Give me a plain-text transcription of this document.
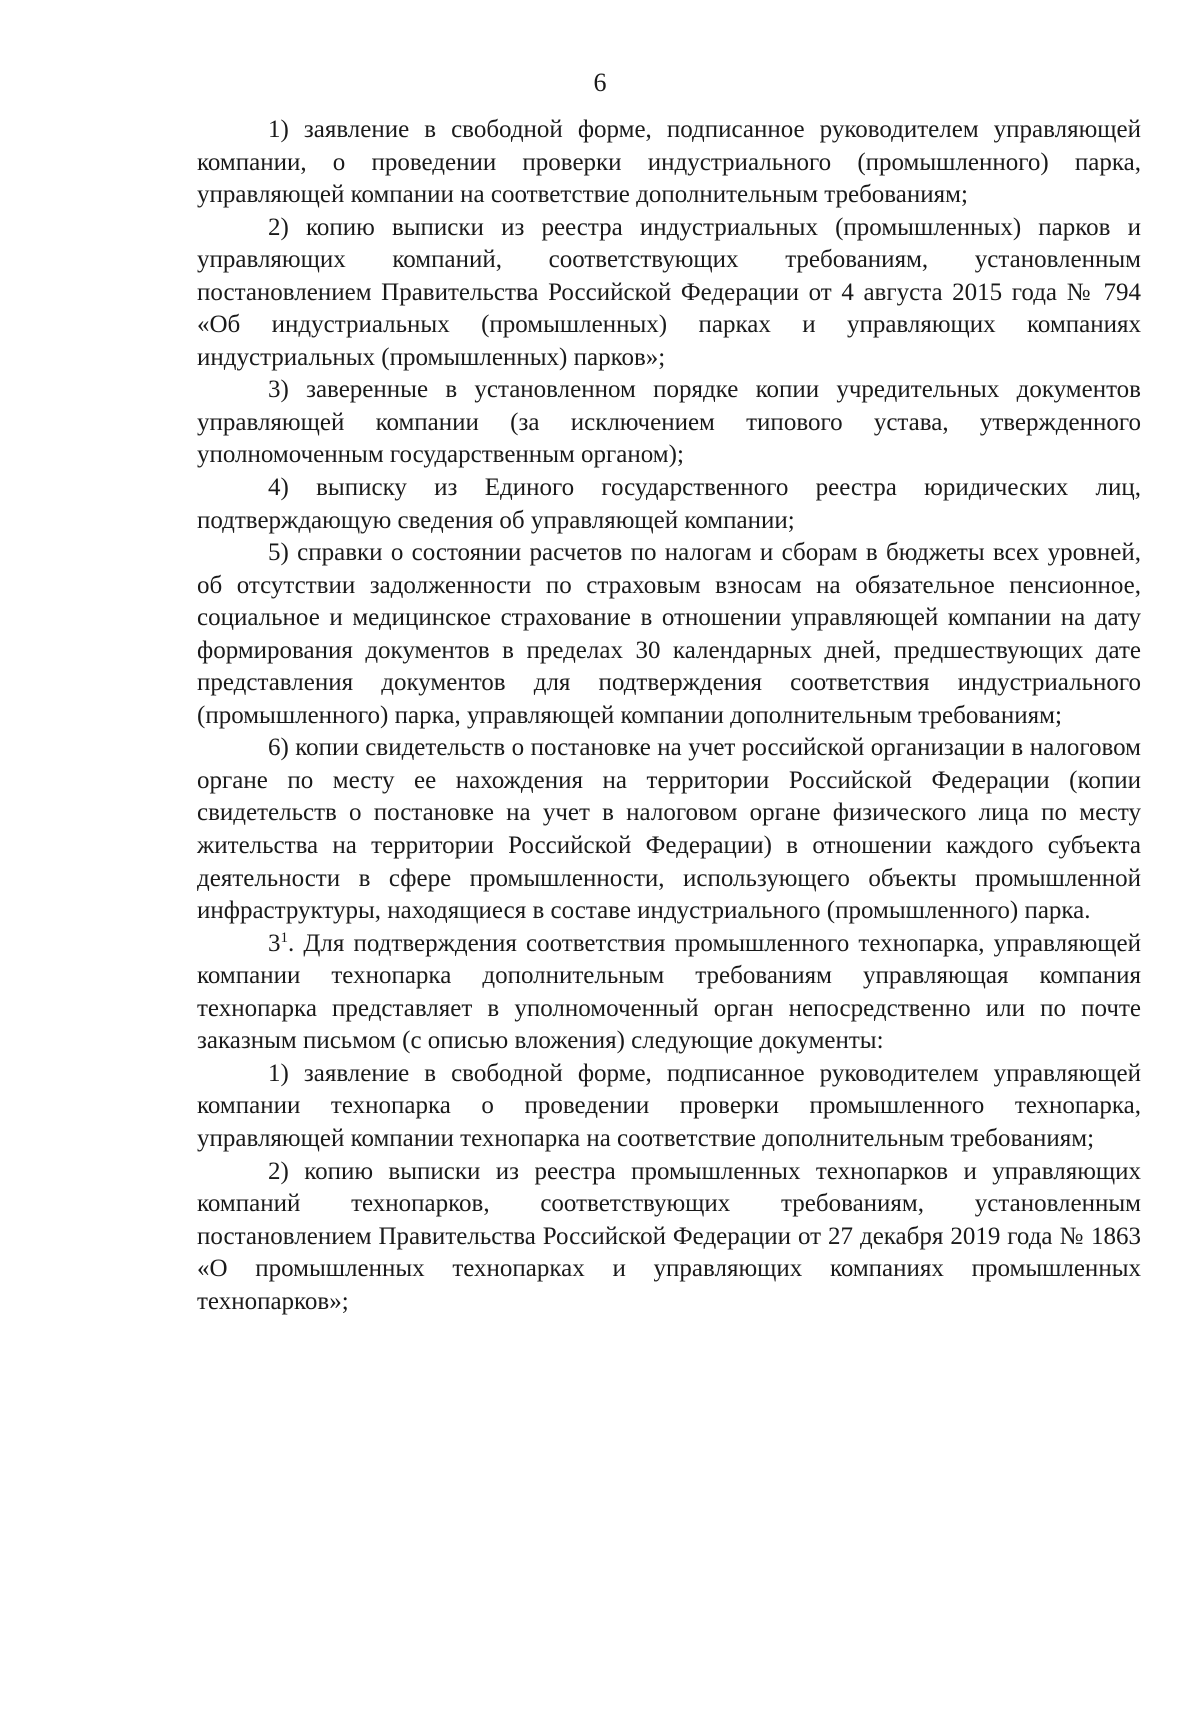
6

1) заявление в свободной форме, подписанное руководителем управляющей компании, о проведении проверки индустриального (промышленного) парка, управляющей компании на соответствие дополнительным требованиям;

2) копию выписки из реестра индустриальных (промышленных) парков и управляющих компаний, соответствующих требованиям, установленным постановлением Правительства Российской Федерации от 4 августа 2015 года № 794 «Об индустриальных (промышленных) парках и управляющих компаниях индустриальных (промышленных) парков»;

3) заверенные в установленном порядке копии учредительных документов управляющей компании (за исключением типового устава, утвержденного уполномоченным государственным органом);

4) выписку из Единого государственного реестра юридических лиц, подтверждающую сведения об управляющей компании;

5) справки о состоянии расчетов по налогам и сборам в бюджеты всех уровней, об отсутствии задолженности по страховым взносам на обязательное пенсионное, социальное и медицинское страхование в отношении управляющей компании на дату формирования документов в пределах 30 календарных дней, предшествующих дате представления документов для подтверждения соответствия индустриального (промышленного) парка, управляющей компании дополнительным требованиям;

6) копии свидетельств о постановке на учет российской организации в налоговом органе по месту ее нахождения на территории Российской Федерации (копии свидетельств о постановке на учет в налоговом органе физического лица по месту жительства на территории Российской Федерации) в отношении каждого субъекта деятельности в сфере промышленности, использующего объекты промышленной инфраструктуры, находящиеся в составе индустриального (промышленного) парка.

$3^1$. Для подтверждения соответствия промышленного технопарка, управляющей компании технопарка дополнительным требованиям управляющая компания технопарка представляет в уполномоченный орган непосредственно или по почте заказным письмом (с описью вложения) следующие документы:

1) заявление в свободной форме, подписанное руководителем управляющей компании технопарка о проведении проверки промышленного технопарка, управляющей компании технопарка на соответствие дополнительным требованиям;

2) копию выписки из реестра промышленных технопарков и управляющих компаний технопарков, соответствующих требованиям, установленным постановлением Правительства Российской Федерации от 27 декабря 2019 года № 1863 «О промышленных технопарках и управляющих компаниях промышленных технопарков»;
